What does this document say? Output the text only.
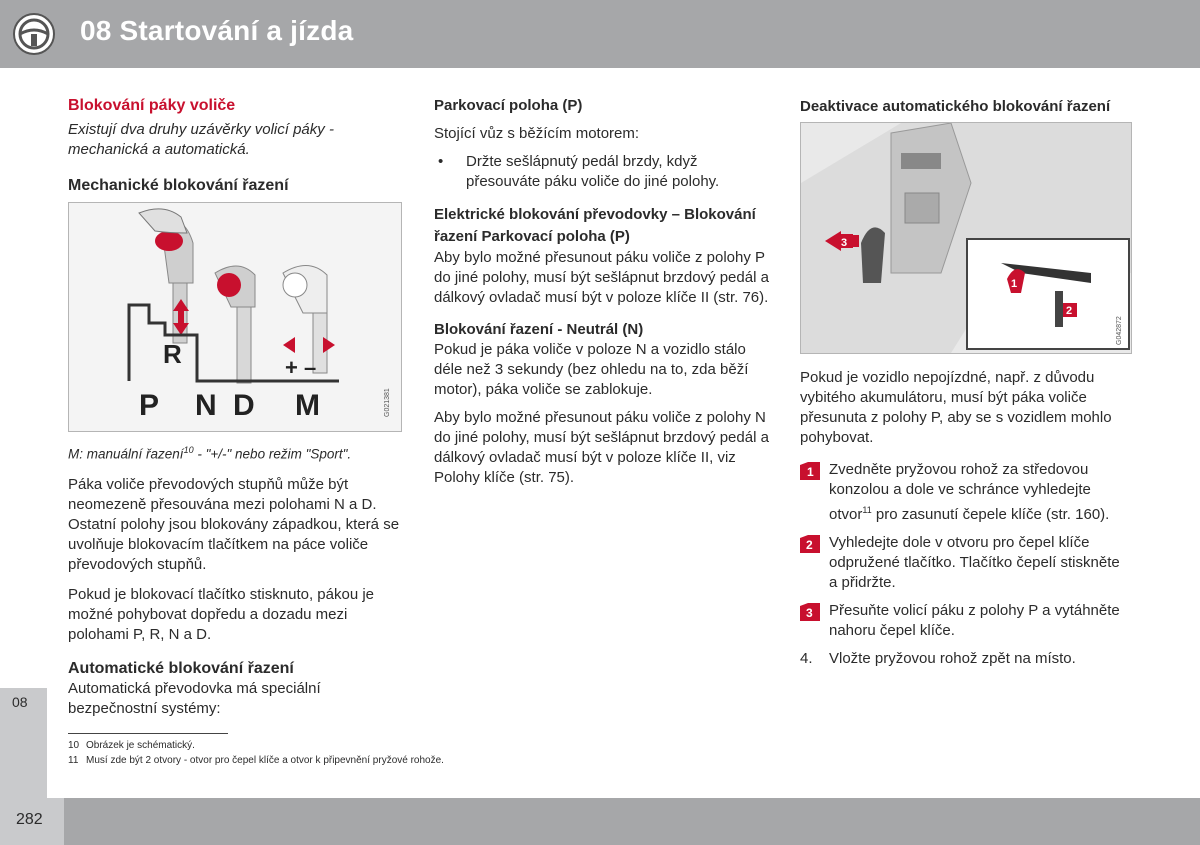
08 Startování a jízda
08
Blokování páky voliče

Existují dva druhy uzávěrky volicí páky - mechanická a automatická.

Mechanické blokování řazení
R	+ –
P N D M	G021381
M: manuální řazení$^{10}$ - "+/-" nebo režim "Sport".

Páka voliče převodových stupňů může být neomezeně přesouvána mezi polohami N a D. Ostatní polohy jsou blokovány západkou, která se uvolňuje blokovacím tlačítkem na páce voliče převodových stupňů.

Pokud je blokovací tlačítko stisknuto, pákou je možné pohybovat dopředu a dozadu mezi polohami P, R, N a D.

Automatické blokování řazení

Automatická převodovka má speciální bezpečnostní systémy:

Parkovací poloha (P)

Stojící vůz s běžícím motorem:

•	Držte sešlápnutý pedál brzdy, když přesouváte páku voliče do jiné polohy.
Elektrické blokování převodovky – Blokování řazení Parkovací poloha (P)

Aby bylo možné přesunout páku voliče z polohy P do jiné polohy, musí být sešlápnut brzdový pedál a dálkový ovladač musí být v poloze klíče II (str. 76).

Blokování řazení - Neutrál (N)

Pokud je páka voliče v poloze N a vozidlo stálo déle než 3 sekundy (bez ohledu na to, zda běží motor), páka voliče se zablokuje.

Aby bylo možné přesunout páku voliče z polohy N do jiné polohy, musí být sešlápnut brzdový pedál a dálkový ovladač musí být v poloze klíče II, viz Polohy klíče (str. 75).

Deaktivace automatického blokování řazení
3
1
2
G042872

Pokud je vozidlo nepojízdné, např. z důvodu vybitého akumulátoru, musí být páka voliče přesunuta z polohy P, aby se s vozidlem mohlo pohybovat.

1 Zvedněte pryžovou rohož za středovou konzolou a dole ve schránce vyhledejte otvor$^{11}$ pro zasunutí čepele klíče (str. 160).
2 Vyhledejte dole v otvoru pro čepel klíče odpružené tlačítko. Tlačítko čepelí stiskněte a přidržte.
3 Přesuňte volicí páku z polohy P a vytáhněte nahoru čepel klíče.
4.	Vložte pryžovou rohož zpět na místo.
10 Obrázek je schématický.
11 Musí zde být 2 otvory - otvor pro čepel klíče a otvor k připevnění pryžové rohože.
282
